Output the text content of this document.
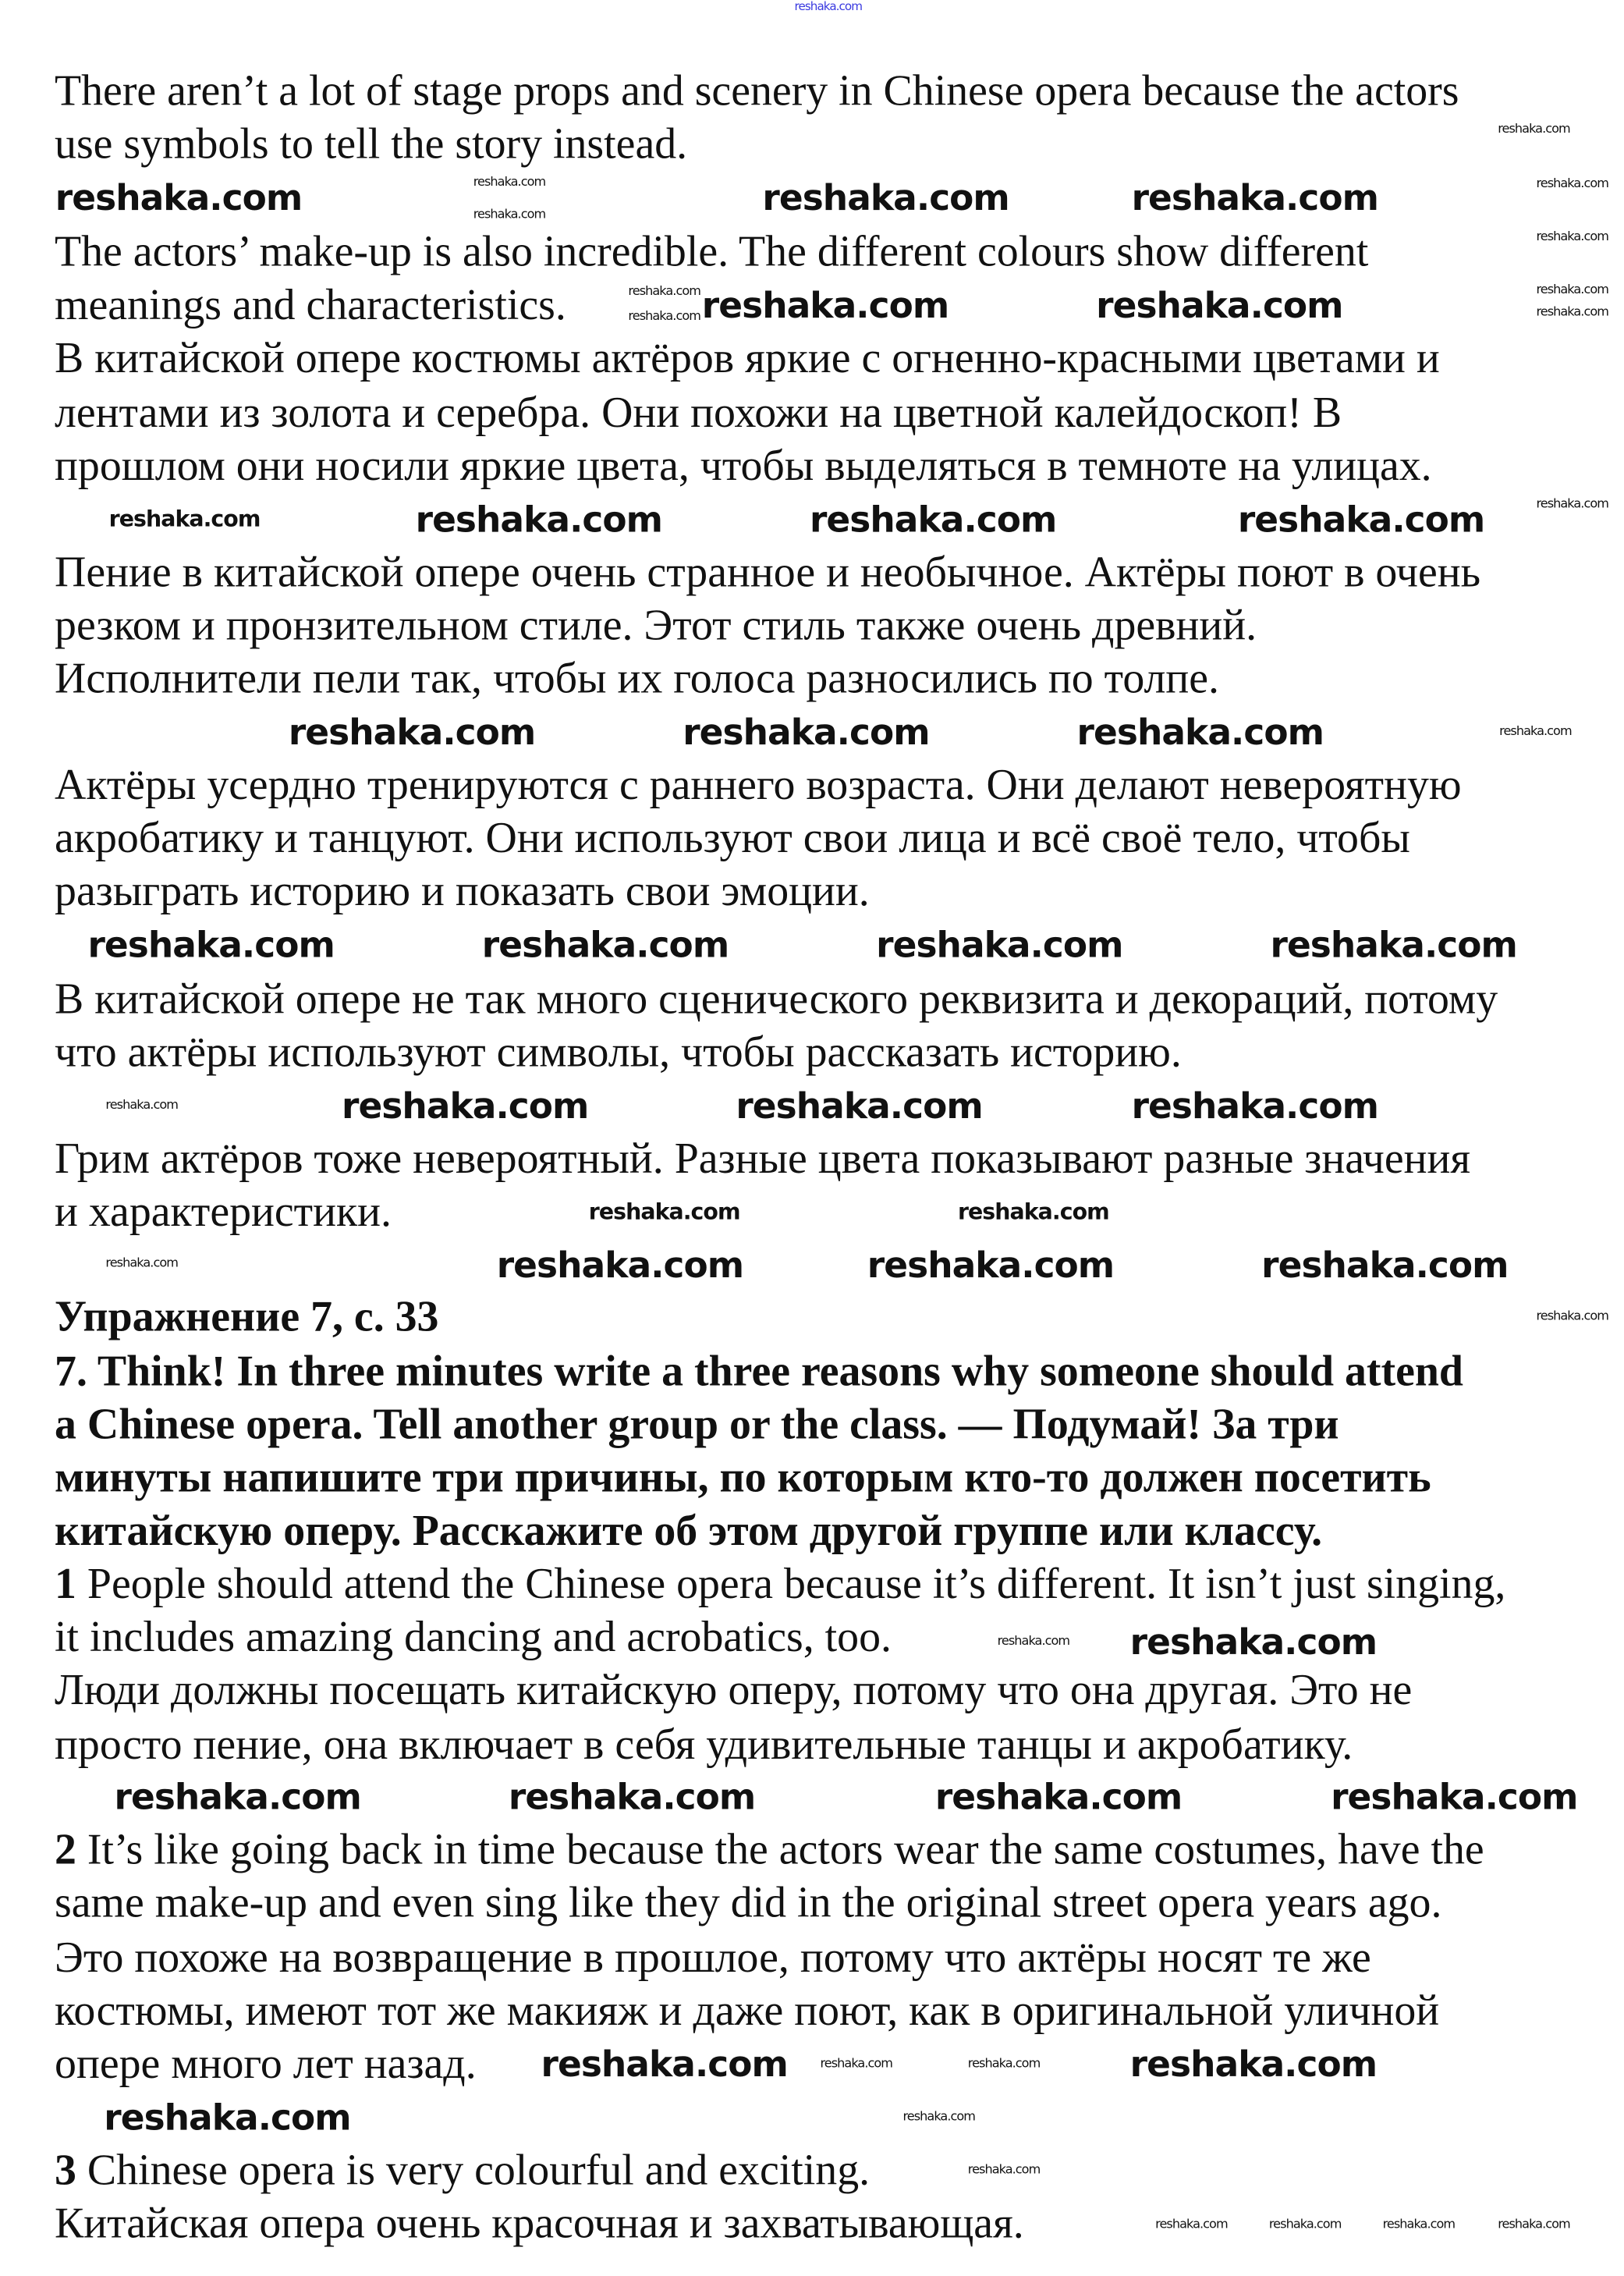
reshaka.com
There aren’t a lot of stage props and scenery in Chinese opera because the actors
use symbols to tell the story instead.
The actors’ make-up is also incredible. The different colours show different
meanings and characteristics.
В китайской опере костюмы актёров яркие с огненно-красными цветами и
лентами из золота и серебра. Они похожи на цветной калейдоскоп! В
прошлом они носили яркие цвета, чтобы выделяться в темноте на улицах.
Пение в китайской опере очень странное и необычное. Актёры поют в очень
резком и пронзительном стиле. Этот стиль также очень древний.
Исполнители пели так, чтобы их голоса разносились по толпе.
Актёры усердно тренируются с раннего возраста. Они делают невероятную
акробатику и танцуют. Они используют свои лица и всё своё тело, чтобы
разыграть историю и показать свои эмоции.
В китайской опере не так много сценического реквизита и декораций, потому
что актёры используют символы, чтобы рассказать историю.
Грим актёров тоже невероятный. Разные цвета показывают разные значения
и характеристики.
Упражнение 7, с. 33
7. Think! In three minutes write a three reasons why someone should attend
a Chinese opera. Tell another group or the class. — Подумай! За три
минуты напишите три причины, по которым кто-то должен посетить
китайскую оперу. Расскажите об этом другой группе или классу.
1 People should attend the Chinese opera because it’s different. It isn’t just singing,
it includes amazing dancing and acrobatics, too.
Люди должны посещать китайскую оперу, потому что она другая. Это не
просто пение, она включает в себя удивительные танцы и акробатику.
2 It’s like going back in time because the actors wear the same costumes, have the
same make-up and even sing like they did in the original street opera years ago.
Это похоже на возвращение в прошлое, потому что актёры носят те же
костюмы, имеют тот же макияж и даже поют, как в оригинальной уличной
опере много лет назад.
3 Chinese opera is very colourful and exciting.
Китайская опера очень красочная и захватывающая.
reshaka.com	reshaka.com
reshaka.com
reshaka.com	reshaka.com
reshaka.com	reshaka.com	reshaka.com	reshaka.com
reshaka.com	reshaka.com	reshaka.com
reshaka.com	reshaka.com	reshaka.com	reshaka.com
reshaka.com	reshaka.com	reshaka.com
reshaka.com	reshaka.com	reshaka.com
reshaka.com
reshaka.com	reshaka.com	reshaka.com	reshaka.com
reshaka.com	reshaka.com
reshaka.com
reshaka.com
reshaka.com
reshaka.com
reshaka.com	reshaka.com
reshaka.com
reshaka.com
reshaka.com	reshaka.com
reshaka.com	reshaka.com
reshaka.com
reshaka.com
reshaka.com
reshaka.com
reshaka.com
reshaka.com
reshaka.com	reshaka.com
reshaka.com
reshaka.com
reshaka.com	reshaka.com	reshaka.com	reshaka.com
